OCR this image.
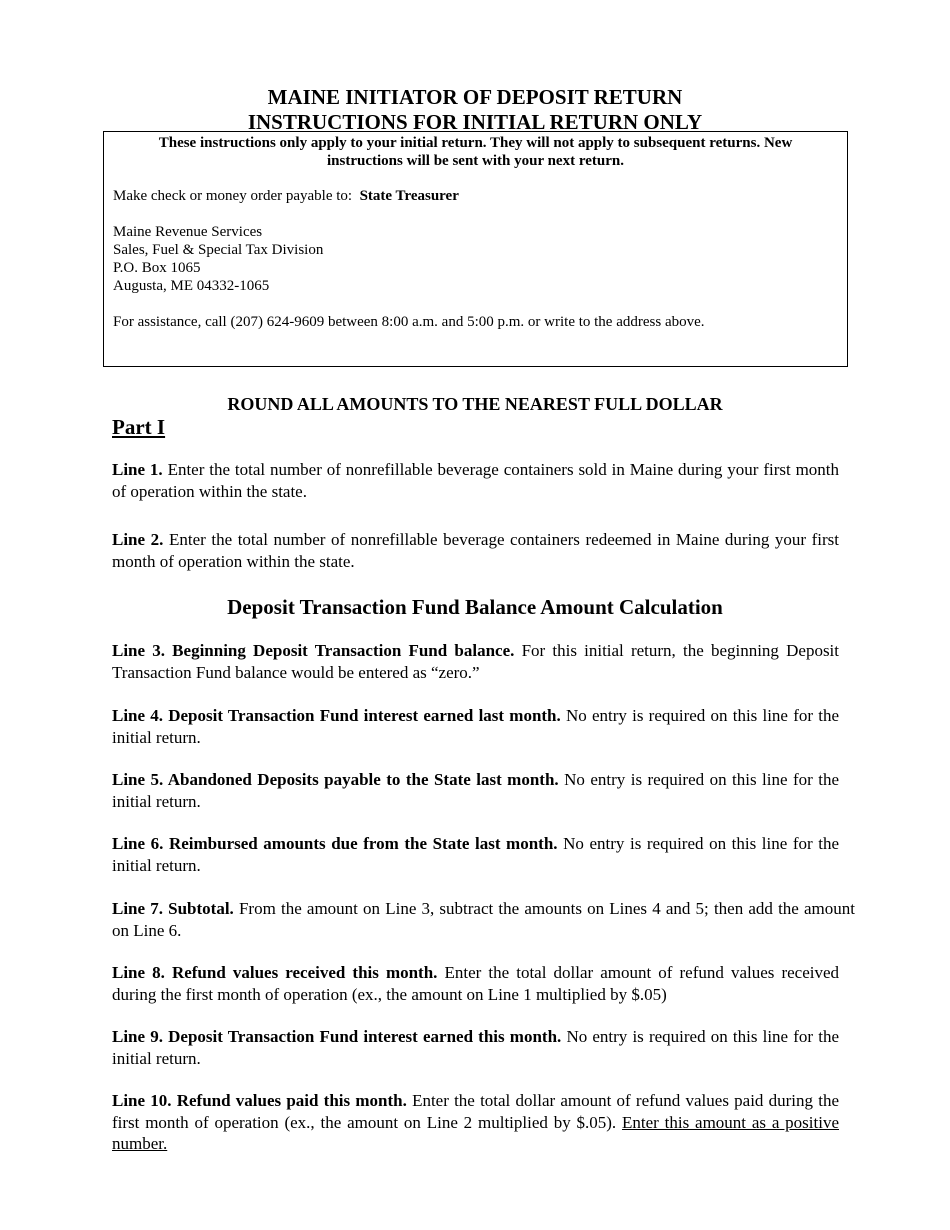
MAINE INITIATOR OF DEPOSIT RETURN
INSTRUCTIONS FOR INITIAL RETURN ONLY
These instructions only apply to your initial return. They will not apply to subsequent returns. New instructions will be sent with your next return.
Make check or money order payable to: State Treasurer
Maine Revenue Services
Sales, Fuel & Special Tax Division
P.O. Box 1065
Augusta, ME 04332-1065
For assistance, call (207) 624-9609 between 8:00 a.m. and 5:00 p.m. or write to the address above.
ROUND ALL AMOUNTS TO THE NEAREST FULL DOLLAR
Part I

Line 1. Enter the total number of nonrefillable beverage containers sold in Maine during your first month of operation within the state.

Line 2. Enter the total number of nonrefillable beverage containers redeemed in Maine during your first month of operation within the state.

Deposit Transaction Fund Balance Amount Calculation

Line 3. Beginning Deposit Transaction Fund balance. For this initial return, the beginning Deposit Transaction Fund balance would be entered as “zero.”

Line 4. Deposit Transaction Fund interest earned last month. No entry is required on this line for the initial return.

Line 5. Abandoned Deposits payable to the State last month. No entry is required on this line for the initial return.

Line 6. Reimbursed amounts due from the State last month. No entry is required on this line for the initial return.

Line 7. Subtotal. From the amount on Line 3, subtract the amounts on Lines 4 and 5; then add the amount on Line 6.

Line 8. Refund values received this month. Enter the total dollar amount of refund values received during the first month of operation (ex., the amount on Line 1 multiplied by $.05)

Line 9. Deposit Transaction Fund interest earned this month. No entry is required on this line for the initial return.

Line 10. Refund values paid this month. Enter the total dollar amount of refund values paid during the first month of operation (ex., the amount on Line 2 multiplied by $.05). Enter this amount as a positive number.
